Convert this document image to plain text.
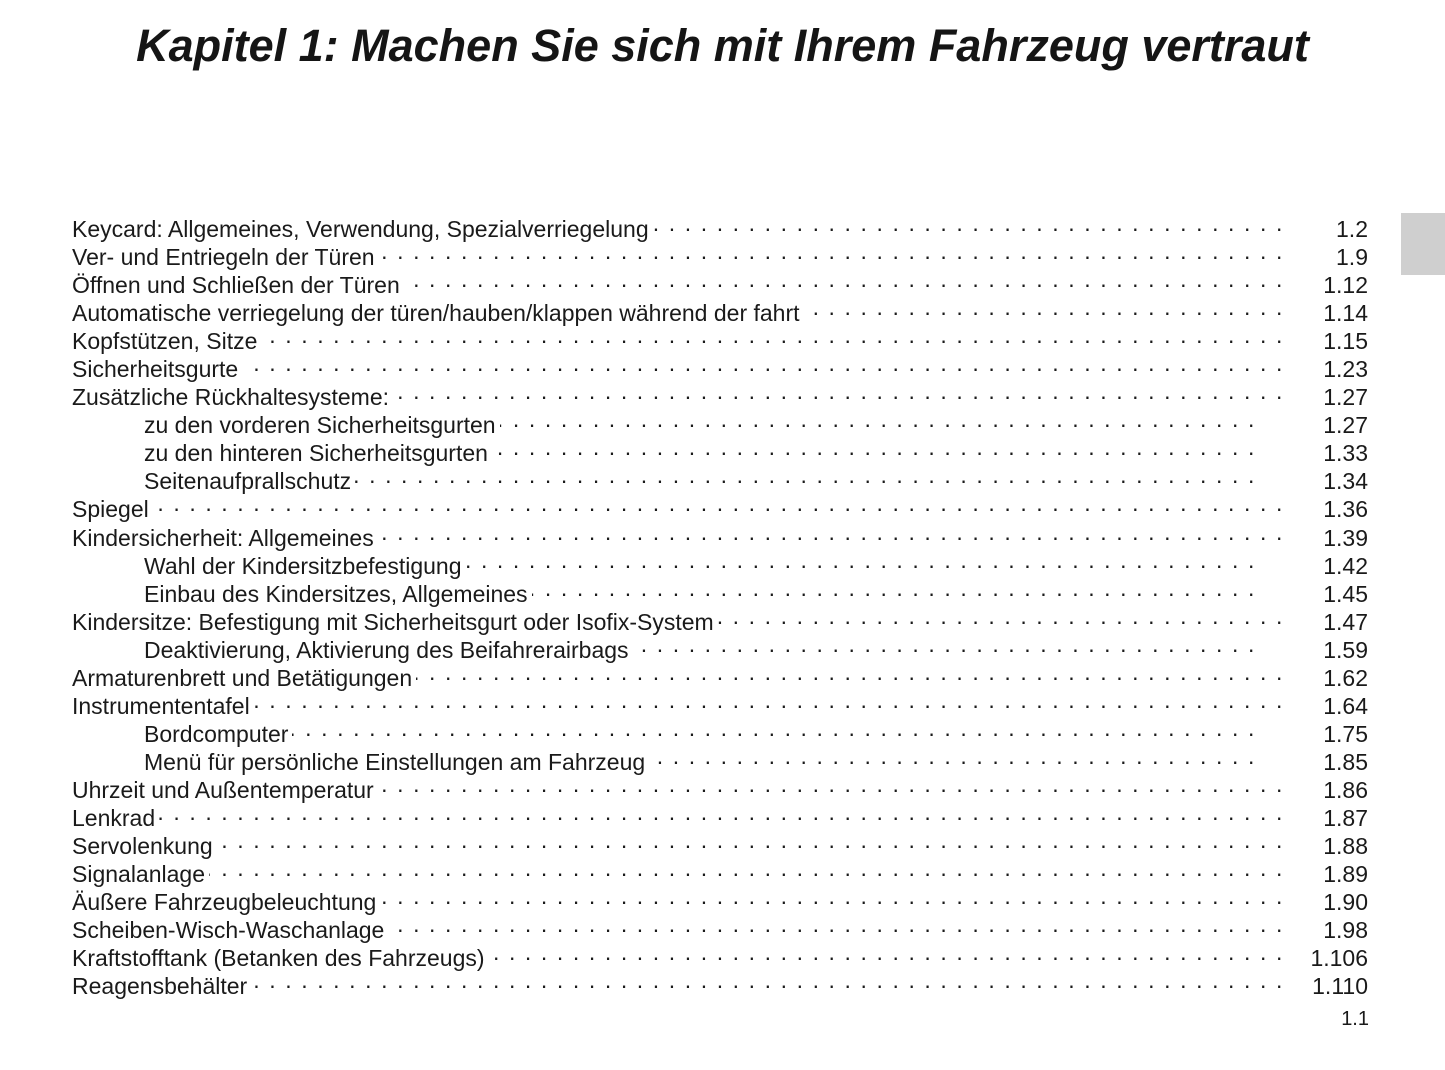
Kapitel 1: Machen Sie sich mit Ihrem Fahrzeug vertraut
Keycard: Allgemeines, Verwendung, Spezialverriegelung . . .	1.2
Ver- und Entriegeln der Türen . . .	1.9
Öffnen und Schließen der Türen . . .	1.12
Automatische verriegelung der türen/hauben/klappen während der fahrt . . .	1.14
Kopfstützen, Sitze . . .	1.15
Sicherheitsgurte . . .	1.23
Zusätzliche Rückhaltesysteme: . . .	1.27
zu den vorderen Sicherheitsgurten . . .	1.27
zu den hinteren Sicherheitsgurten . . .	1.33
Seitenaufprallschutz . . .	1.34
Spiegel . . .	1.36
Kindersicherheit: Allgemeines . . .	1.39
Wahl der Kindersitzbefestigung . . .	1.42
Einbau des Kindersitzes, Allgemeines . . .	1.45
Kindersitze: Befestigung mit Sicherheitsgurt oder Isofix-System . . .	1.47
Deaktivierung, Aktivierung des Beifahrerairbags . . .	1.59
Armaturenbrett und Betätigungen . . .	1.62
Instrumententafel . . .	1.64
Bordcomputer . . .	1.75
Menü für persönliche Einstellungen am Fahrzeug . . .	1.85
Uhrzeit und Außentemperatur . . .	1.86
Lenkrad . . .	1.87
Servolenkung . . .	1.88
Signalanlage . . .	1.89
Äußere Fahrzeugbeleuchtung . . .	1.90
Scheiben-Wisch-Waschanlage . . .	1.98
Kraftstofftank (Betanken des Fahrzeugs) . . .	1.106
Reagensbehälter . . .	1.110
1.1
